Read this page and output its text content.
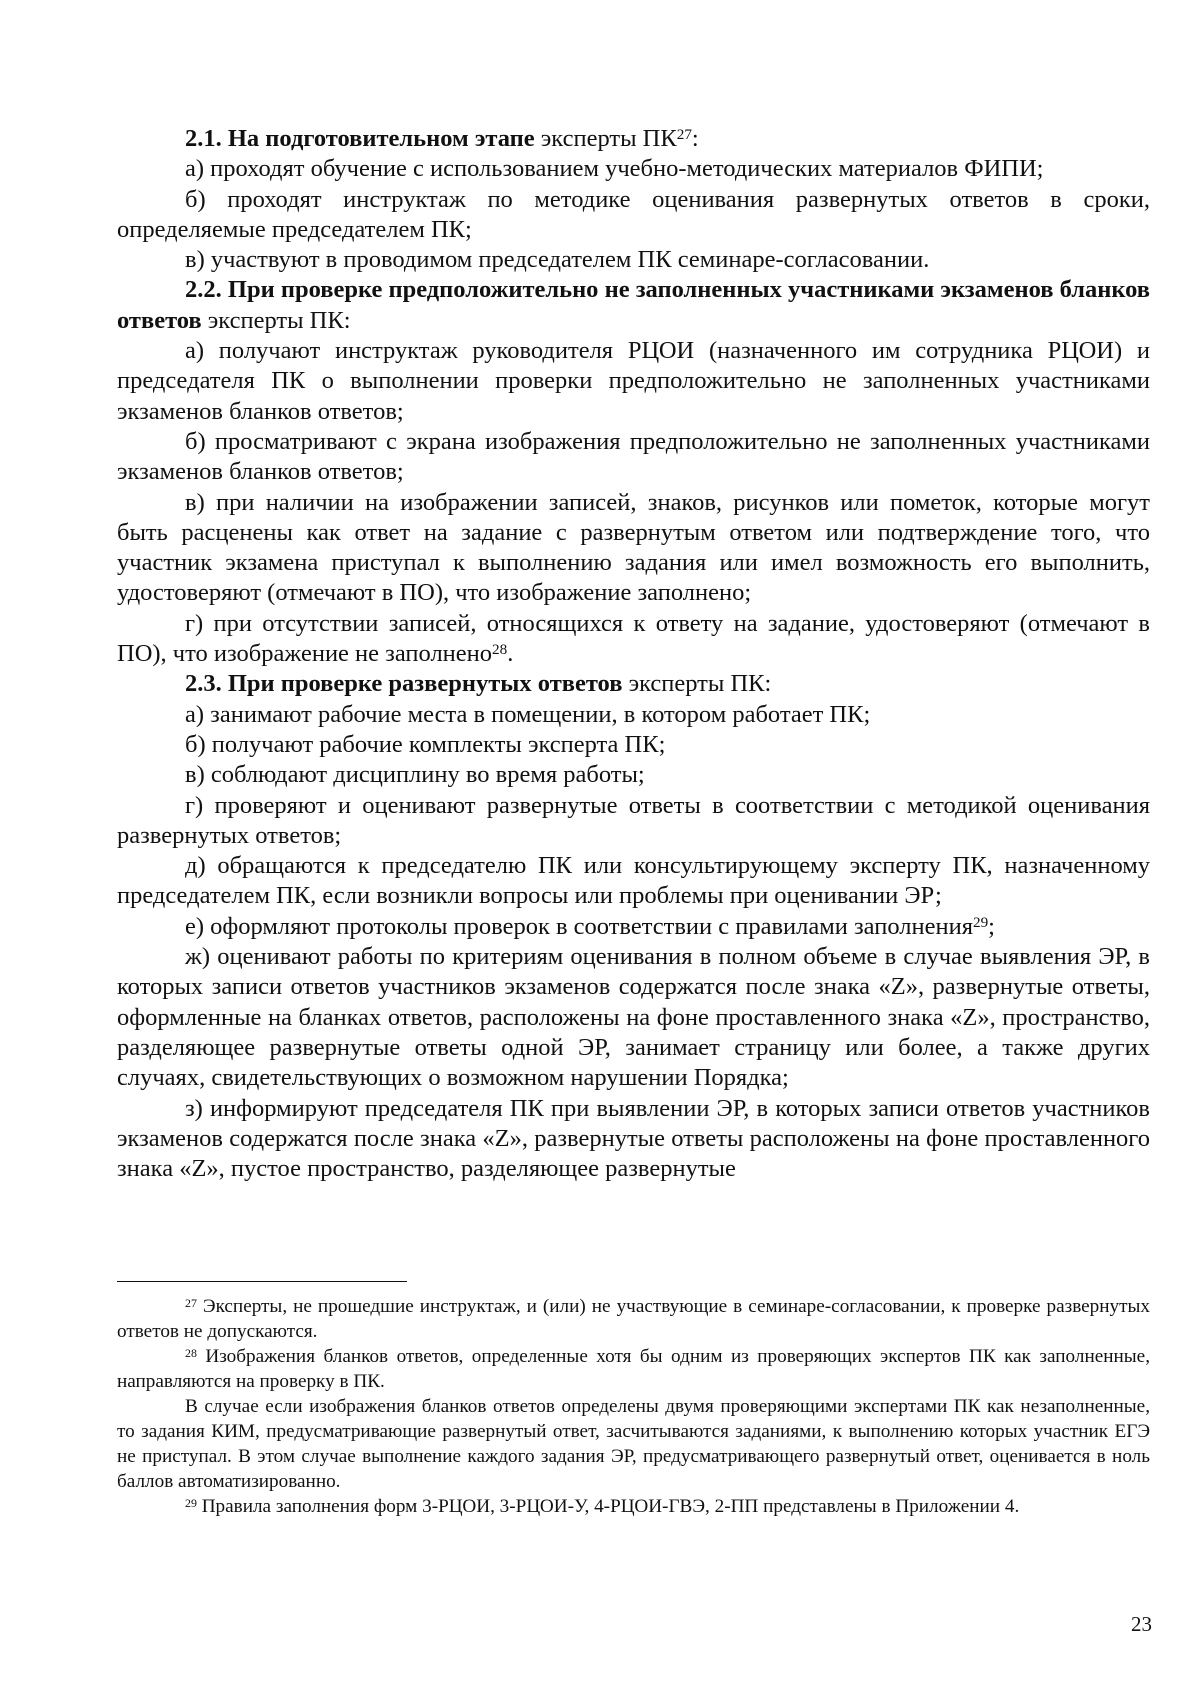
2.1. На подготовительном этапе эксперты ПК$^{27}$:

а) проходят обучение с использованием учебно-методических материалов ФИПИ;

б) проходят инструктаж по методике оценивания развернутых ответов в сроки, определяемые председателем ПК;

в) участвуют в проводимом председателем ПК семинаре-согласовании.

2.2. При проверке предположительно не заполненных участниками экзаменов бланков ответов эксперты ПК:

а) получают инструктаж руководителя РЦОИ (назначенного им сотрудника РЦОИ) и председателя ПК о выполнении проверки предположительно не заполненных участниками экзаменов бланков ответов;

б) просматривают с экрана изображения предположительно не заполненных участниками экзаменов бланков ответов;

в) при наличии на изображении записей, знаков, рисунков или пометок, которые могут быть расценены как ответ на задание с развернутым ответом или подтверждение того, что участник экзамена приступал к выполнению задания или имел возможность его выполнить, удостоверяют (отмечают в ПО), что изображение заполнено;

г) при отсутствии записей, относящихся к ответу на задание, удостоверяют (отмечают в ПО), что изображение не заполнено$^{28}$.

2.3. При проверке развернутых ответов эксперты ПК:

а) занимают рабочие места в помещении, в котором работает ПК;

б) получают рабочие комплекты эксперта ПК;

в) соблюдают дисциплину во время работы;

г) проверяют и оценивают развернутые ответы в соответствии с методикой оценивания развернутых ответов;

д) обращаются к председателю ПК или консультирующему эксперту ПК, назначенному председателем ПК, если возникли вопросы или проблемы при оценивании ЭР;

е) оформляют протоколы проверок в соответствии с правилами заполнения$^{29}$;

ж) оценивают работы по критериям оценивания в полном объеме в случае выявления ЭР, в которых записи ответов участников экзаменов содержатся после знака «Z», развернутые ответы, оформленные на бланках ответов, расположены на фоне проставленного знака «Z», пространство, разделяющее развернутые ответы одной ЭР, занимает страницу или более, а также других случаях, свидетельствующих о возможном нарушении Порядка;

з) информируют председателя ПК при выявлении ЭР, в которых записи ответов участников экзаменов содержатся после знака «Z», развернутые ответы расположены на фоне проставленного знака «Z», пустое пространство, разделяющее развернутые

$^{27}$ Эксперты, не прошедшие инструктаж, и (или) не участвующие в семинаре-согласовании, к проверке развернутых ответов не допускаются.

$^{28}$ Изображения бланков ответов, определенные хотя бы одним из проверяющих экспертов ПК как заполненные, направляются на проверку в ПК.

В случае если изображения бланков ответов определены двумя проверяющими экспертами ПК как незаполненные, то задания КИМ, предусматривающие развернутый ответ, засчитываются заданиями, к выполнению которых участник ЕГЭ не приступал. В этом случае выполнение каждого задания ЭР, предусматривающего развернутый ответ, оценивается в ноль баллов автоматизированно.

$^{29}$ Правила заполнения форм 3-РЦОИ, 3-РЦОИ-У, 4-РЦОИ-ГВЭ, 2-ПП представлены в Приложении 4.

23
